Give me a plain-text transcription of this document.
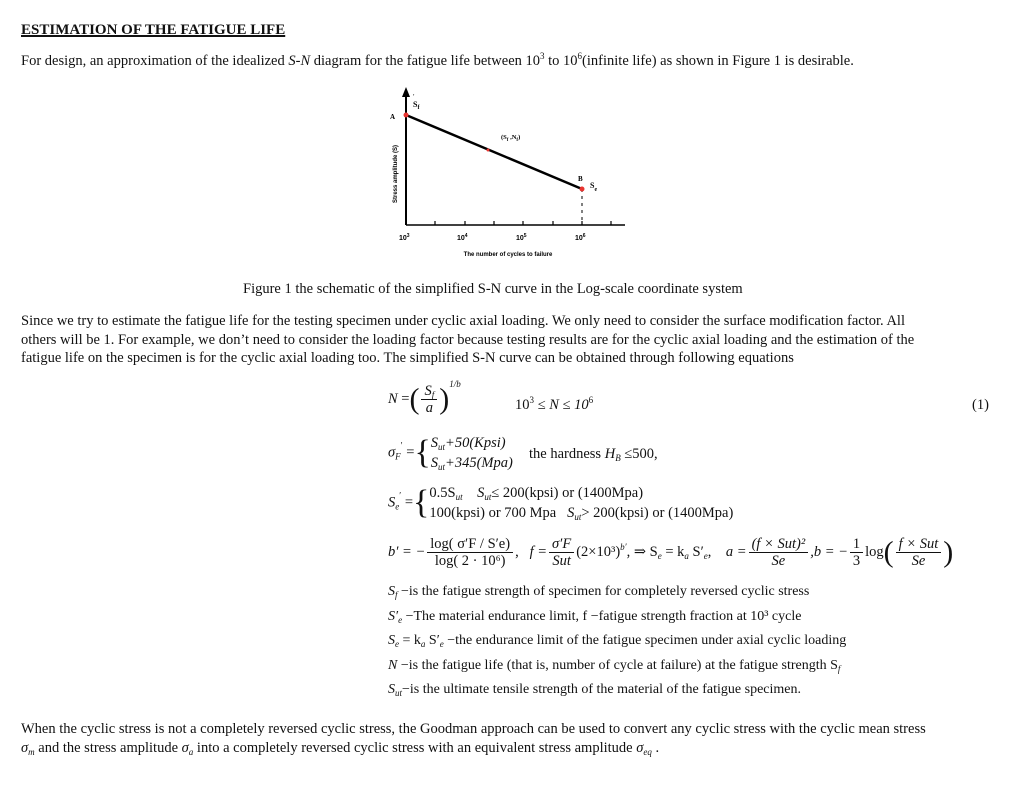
ESTIMATION OF THE FATIGUE LIFE
For design, an approximation of the idealized S-N diagram for the fatigue life between $10^3$ to $10^6(infinite$ life) as shown in Figure 1 is desirable.
A
$S_f$
′
($S_f$ $,N_f$)
B
$S_e$
$10^3$	$10^4$	$10^5$	$10^6$
The number of cycles to failure
Stress amplitude (S)
Figure 1 the schematic of the simplified S-N curve in the Log-scale coordinate system
Since we try to estimate the fatigue life for the testing specimen under cyclic axial loading. We only need to consider the surface modification factor. All
others will be 1. For example, we don’t need to consider the loading factor because testing results are for the cyclic axial loading and the estimation of the
fatigue life on the specimen is for the cyclic axial loading too. The simplified S-N curve can be obtained through following equations
N =( $\frac{S_f}{a} )^{1/b}$
$10^3 \le N \le 10^6$	(1)
$\sigma_F'$ ={ $S_{ut}+50(Kpsi)$
$S_{ut}+345(Mpa)$
the hardness $H_B \le 500$,
$S_e'$ ={ $0.5S_{ut}$ $S_{ut}\le$ 200(kpsi) or (1400Mpa)
100(kpsi) or 700 Mpa $S_{ut}>$ 200(kpsi) or (1400Mpa)
b′ = − $\frac{\log( \sigma'F / S'e)}{\text{log( 2 · 10⁶)}}$ ,   $f = \frac{\sigma'F}{\text{Sut}} (2\times 10^3)^{b'}$, ⇒ $S_e = k_a$ $S'_e$,    $a = \frac{\text{(f × Sut)²}}{Se} ,b$ = − $\frac{1}{3} \log( \frac{\text{f × Sut}}{Se}$ )
$S_f -is$ the fatigue strength of specimen for completely reversed cyclic stress
$S'_e -The$ material endurance limit, f −fatigue strength fraction at 10³ cycle
$S_e = k_a$ $S'_e -the$ endurance limit of the fatigue specimen under axial cyclic loading
N −is the fatigue life (that is, number of cycle at failure) at the fatigue strength $S_f$
$S_{ut}-is$ the ultimate tensile strength of the material of the fatigue specimen.
When the cyclic stress is not a completely reversed cyclic stress, the Goodman approach can be used to convert any cyclic stress with the cyclic mean stress
$\sigma_m$ and the stress amplitude $\sigma_a$ into a completely reversed cyclic stress with an equivalent stress amplitude $\sigma_{eq}$ .
